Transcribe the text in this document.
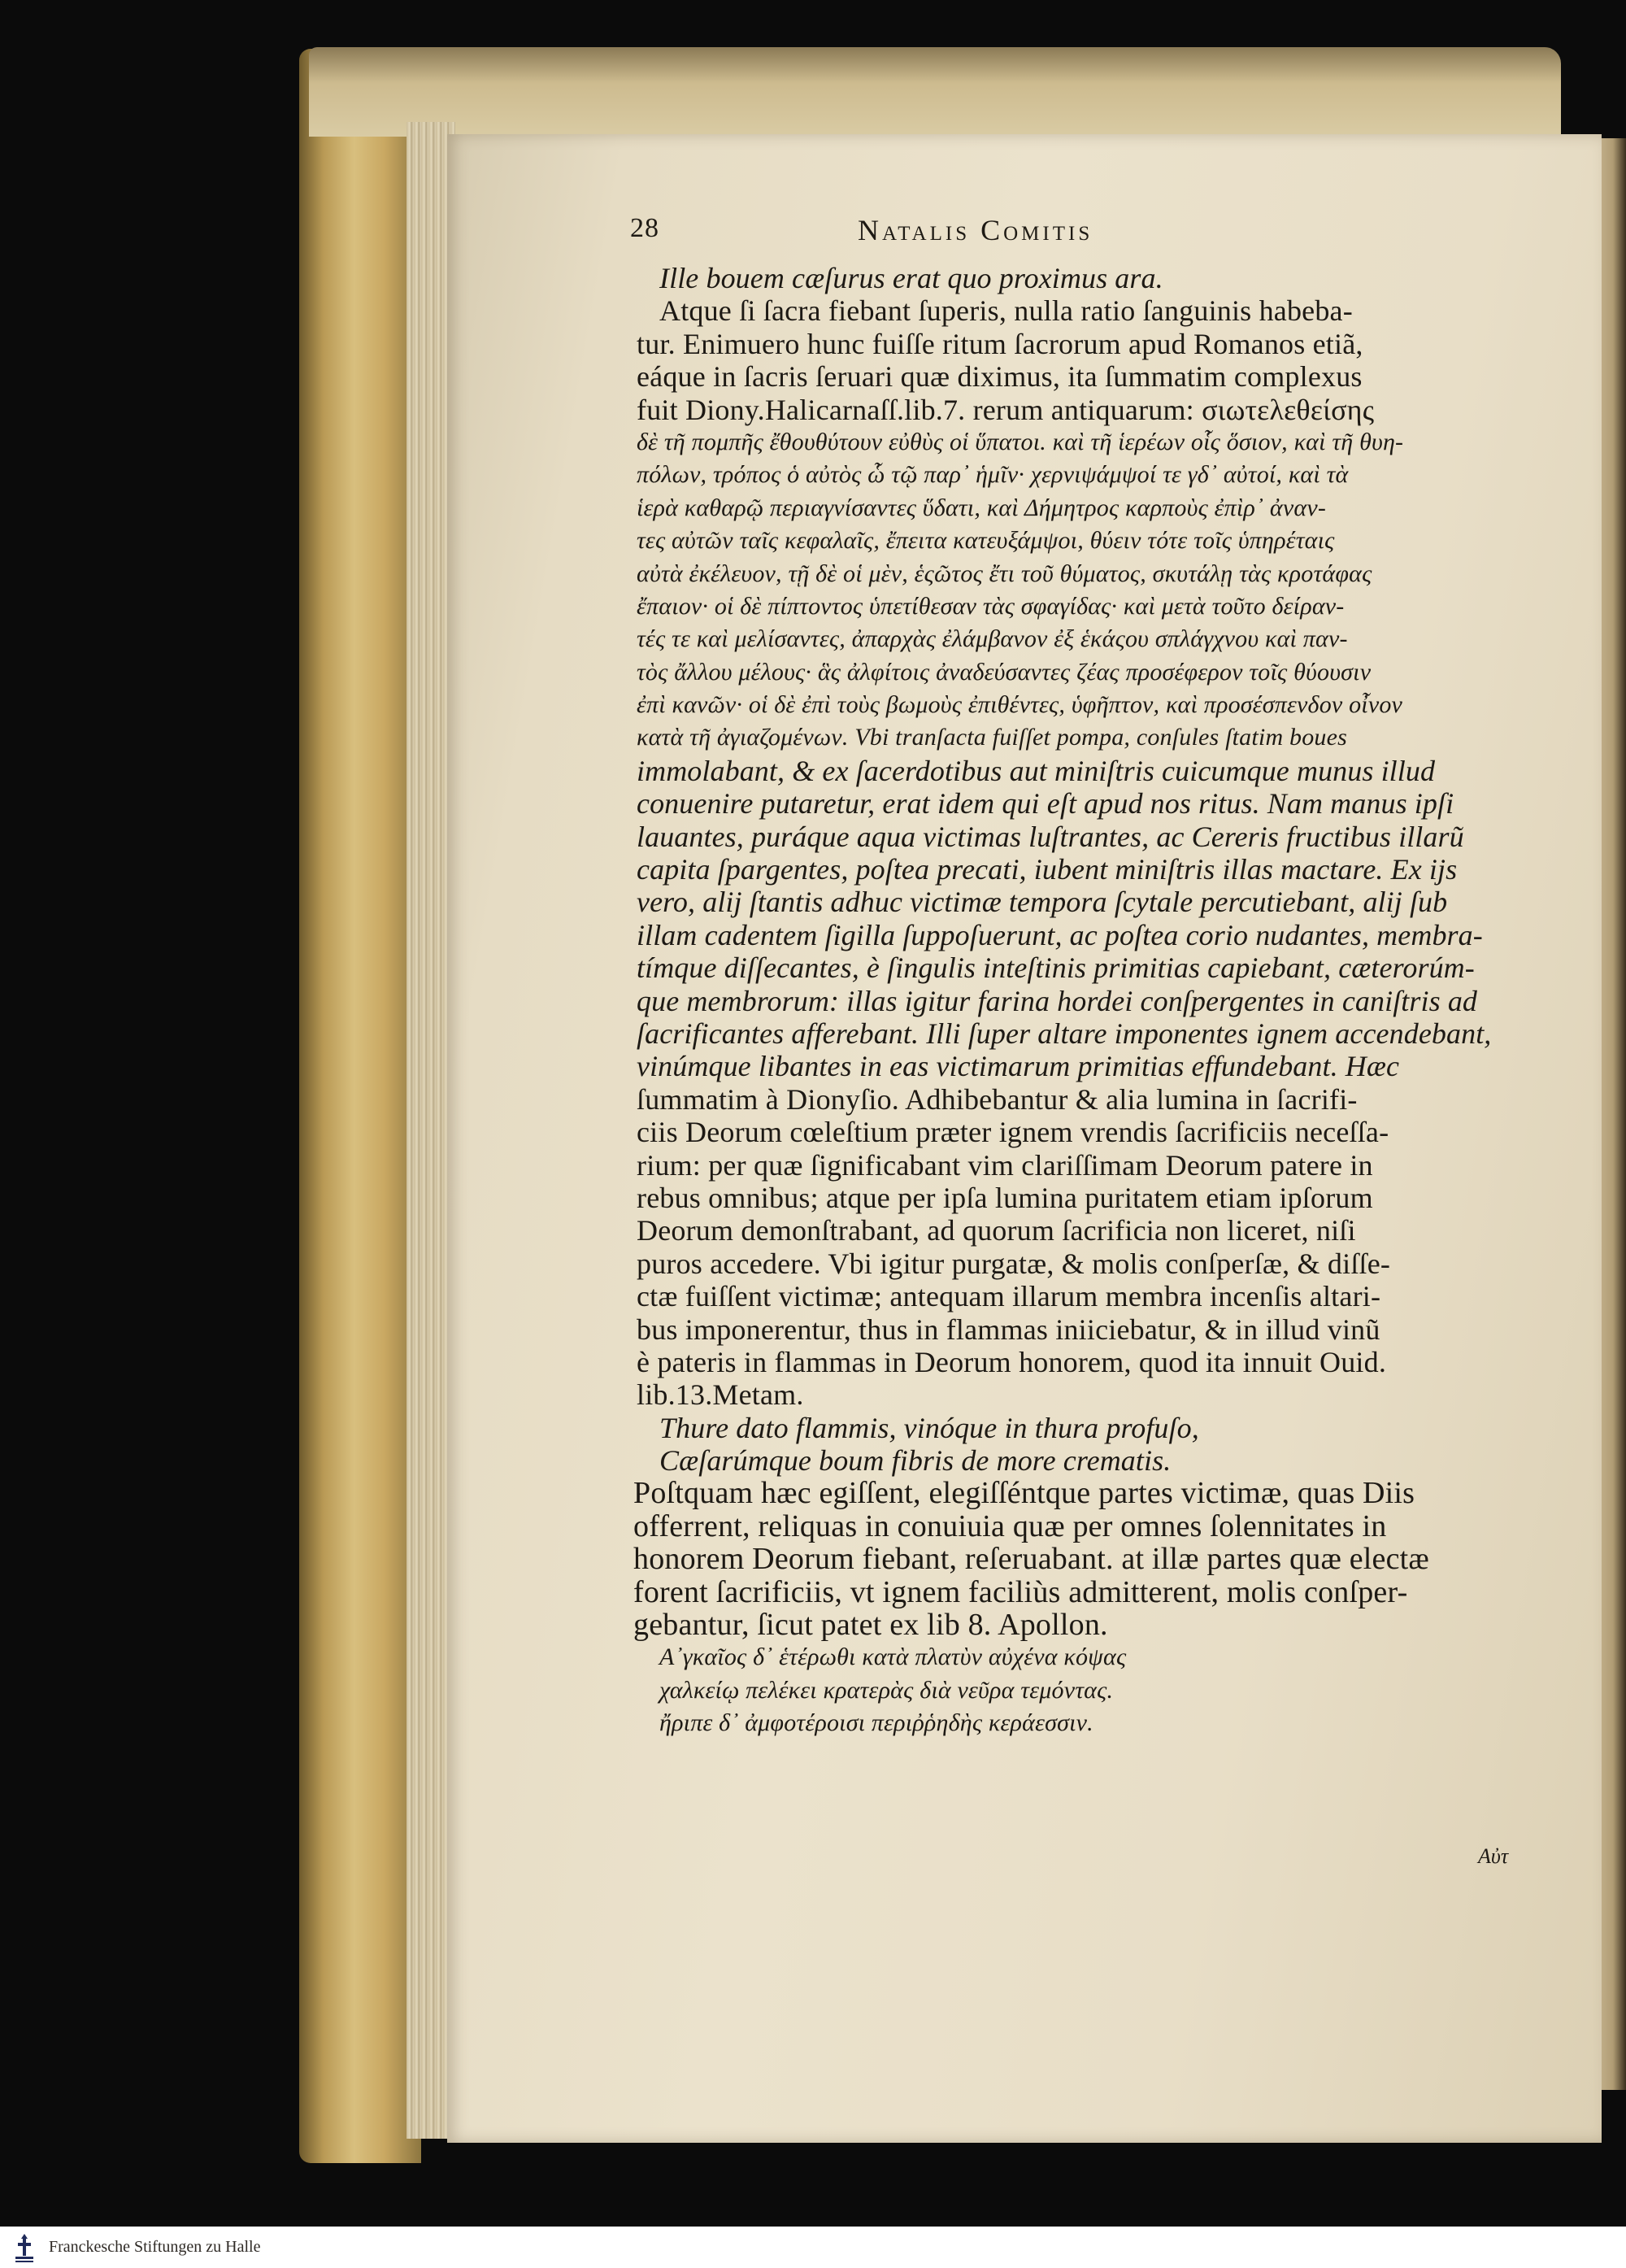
28	Natalis Comitis
Ille bouem cæſurus erat quo proximus ara.
Atque ſi ſacra fiebant ſuperis, nulla ratio ſanguinis habeba-
tur. Enimuero hunc fuiſſe ritum ſacrorum apud Romanos etiã,
eáque in ſacris ſeruari quæ diximus, ita ſummatim complexus
fuit Diony.Halicarnaſſ.lib.7. rerum antiquarum: σιωτελεθείσης
δὲ τῆ πομπῆς ἔθουθύτουν εὐθὺς οἱ ὕπατοι. καὶ τῆ ἱερέων οἷς ὅσιον, καὶ τῆ θυη-
πόλων, τρόπος ὁ αὐτὸς ὧ τῷ παρ᾽ ἡμῖν· χερνιψάμψοί τε γδ᾽ αὐτοί, καὶ τὰ
ἱερὰ καθαρῷ περιαγνίσαντες ὕδατι, καὶ Δήμητρος καρποὺς ἐπὶρ᾽ ἀναν-
τες αὐτῶν ταῖς κεφαλαῖς, ἔπειτα κατευξάμψοι, θύειν τότε τοῖς ὑπηρέταις
αὐτὰ ἐκέλευον, τῇ δὲ οἱ μὲν, ἑςῶτος ἔτι τοῦ θύματος, σκυτάλῃ τὰς κροτάφας
ἔπαιον· οἱ δὲ πίπτοντος ὑπετίθεσαν τὰς σφαγίδας· καὶ μετὰ τοῦτο δείραν-
τές τε καὶ μελίσαντες, ἀπαρχὰς ἐλάμβανον ἐξ ἑκάςου σπλάγχνου καὶ παν-
τὸς ἄλλου μέλους· ἃς ἀλφίτοις ἀναδεύσαντες ζέας προσέφερον τοῖς θύουσιν
ἐπὶ κανῶν· οἱ δὲ ἐπὶ τοὺς βωμοὺς ἐπιθέντες, ὑφῆπτον, καὶ προσέσπενδον οἶνον
κατὰ τῆ ἀγιαζομένων. Vbi tranſacta fuiſſet pompa, conſules ſtatim boues
immolabant, & ex ſacerdotibus aut miniſtris cuicumque munus illud
conuenire putaretur, erat idem qui eſt apud nos ritus. Nam manus ipſi
lauantes, puráque aqua victimas luſtrantes, ac Cereris fructibus illarũ
capita ſpargentes, poſtea precati, iubent miniſtris illas mactare. Ex ijs
vero, alij ſtantis adhuc victimæ tempora ſcytale percutiebant, alij ſub
illam cadentem ſigilla ſuppoſuerunt, ac poſtea corio nudantes, membra-
tímque diſſecantes, è ſingulis inteſtinis primitias capiebant, cæterorúm-
que membrorum: illas igitur farina hordei conſpergentes in caniſtris ad
ſacrificantes afferebant. Illi ſuper altare imponentes ignem accendebant,
vinúmque libantes in eas victimarum primitias effundebant. Hæc
ſummatim à Dionyſio. Adhibebantur & alia lumina in ſacrifi-
ciis Deorum cœleſtium præter ignem vrendis ſacrificiis neceſſa-
rium: per quæ ſignificabant vim clariſſimam Deorum patere in
rebus omnibus; atque per ipſa lumina puritatem etiam ipſorum
Deorum demonſtrabant, ad quorum ſacrificia non liceret, niſi
puros accedere. Vbi igitur purgatæ, & molis conſperſæ, & diſſe-
ctæ fuiſſent victimæ; antequam illarum membra incenſis altari-
bus imponerentur, thus in flammas iniiciebatur, & in illud vinũ
è pateris in flammas in Deorum honorem, quod ita innuit Ouid.
lib.13.Metam.
Thure dato flammis, vinóque in thura profuſo,
Cæſarúmque boum fibris de more crematis.
Poſtquam hæc egiſſent, elegiſſéntque partes victimæ, quas Diis
offerrent, reliquas in conuiuia quæ per omnes ſolennitates in
honorem Deorum fiebant, reſeruabant. at illæ partes quæ electæ
forent ſacrificiis, vt ignem faciliùs admitterent, molis conſper-
gebantur, ſicut patet ex lib 8. Apollon.
Α᾽γκαῖος δ᾽ ἑτέρωθι κατὰ πλατὺν αὐχένα κόψας
χαλκείῳ πελέκει κρατερὰς διὰ νεῦρα τεμόντας.
ἤριπε δ᾽ ἀμφοτέροισι περιῤῥηδὴς κεράεσσιν.
Αὐτ
Franckesche Stiftungen zu Halle
